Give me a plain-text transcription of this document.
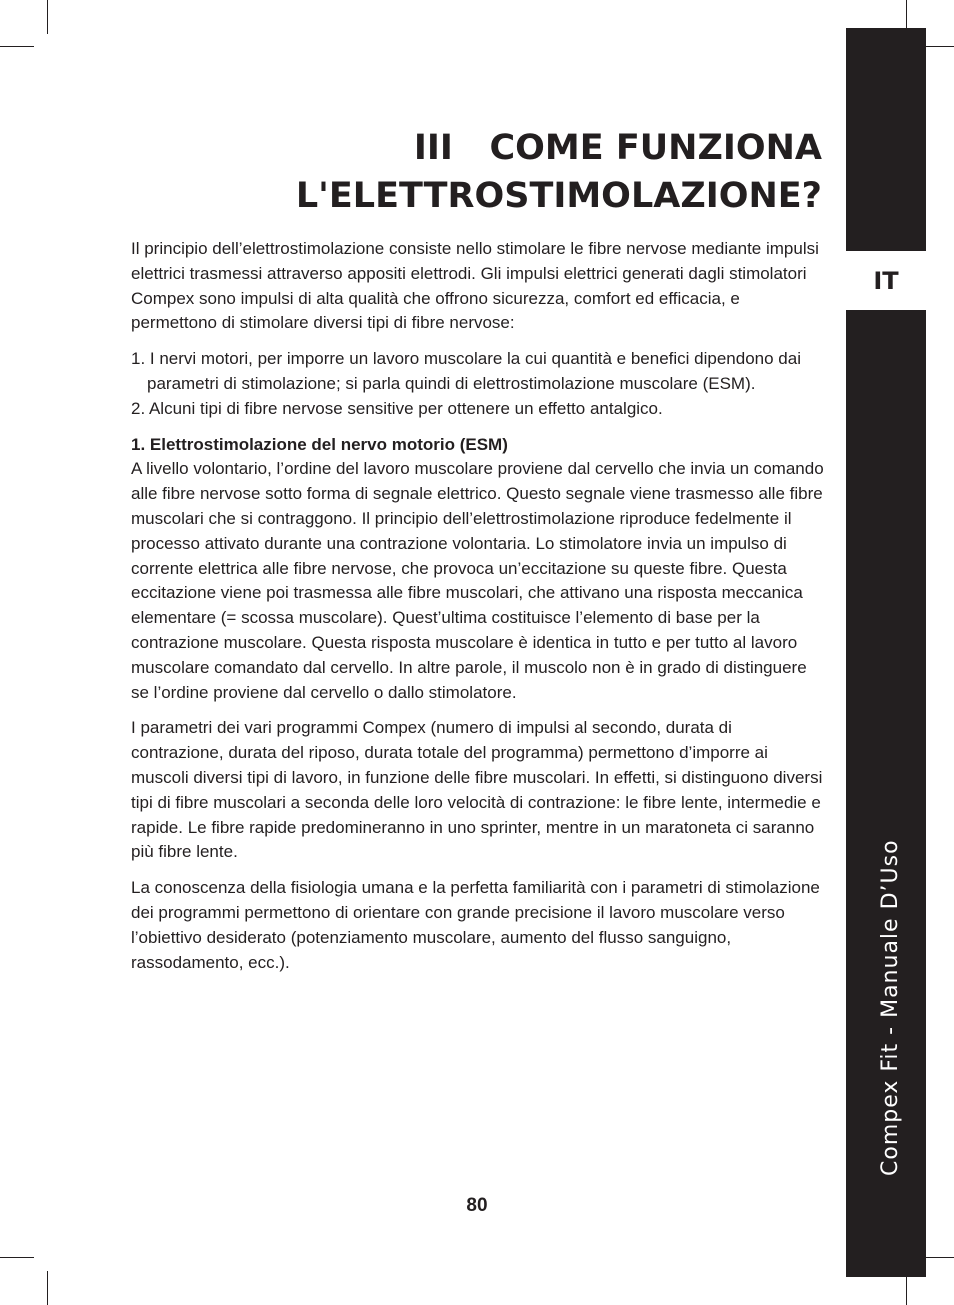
IT
Compex Fit - Manuale D’Uso
III   COME FUNZIONA
L'ELETTROSTIMOLAZIONE?

Il principio dell’elettrostimolazione consiste nello stimolare le fibre nervose mediante impulsi elettrici trasmessi attraverso appositi elettrodi. Gli impulsi elettrici generati dagli stimolatori Compex sono impulsi di alta qualità che offrono sicurezza, comfort ed efficacia, e permettono di stimolare diversi tipi di fibre nervose:

1. I nervi motori, per imporre un lavoro muscolare la cui quantità e benefici dipendono dai parametri di stimolazione; si parla quindi di elettrostimolazione muscolare (ESM).
2. Alcuni tipi di fibre nervose sensitive per ottenere un effetto antalgico.
1. Elettrostimolazione del nervo motorio (ESM)

A livello volontario, l’ordine del lavoro muscolare proviene dal cervello che invia un comando alle fibre nervose sotto forma di segnale elettrico. Questo segnale viene trasmesso alle fibre muscolari che si contraggono. Il principio dell’elettrostimolazione riproduce fedelmente il processo attivato durante una contrazione volontaria. Lo stimolatore invia un impulso di corrente elettrica alle fibre nervose, che provoca un’eccitazione su queste fibre. Questa eccitazione viene poi trasmessa alle fibre muscolari, che attivano una risposta meccanica elementare (= scossa muscolare). Quest’ultima costituisce l’elemento di base per la contrazione muscolare. Questa risposta muscolare è identica in tutto e per tutto al lavoro muscolare comandato dal cervello. In altre parole, il muscolo non è in grado di distinguere se l’ordine proviene dal cervello o dallo stimolatore.

I parametri dei vari programmi Compex (numero di impulsi al secondo, durata di contrazione, durata del riposo, durata totale del programma) permettono d’imporre ai muscoli diversi tipi di lavoro, in funzione delle fibre muscolari. In effetti, si distinguono diversi tipi di fibre muscolari a seconda delle loro velocità di contrazione: le fibre lente, intermedie e rapide. Le fibre rapide predomineranno in uno sprinter, mentre in un maratoneta ci saranno più fibre lente.

La conoscenza della fisiologia umana e la perfetta familiarità con i parametri di stimolazione dei programmi permettono di orientare con grande precisione il lavoro muscolare verso l’obiettivo desiderato (potenziamento muscolare, aumento del flusso sanguigno, rassodamento, ecc.).

80
